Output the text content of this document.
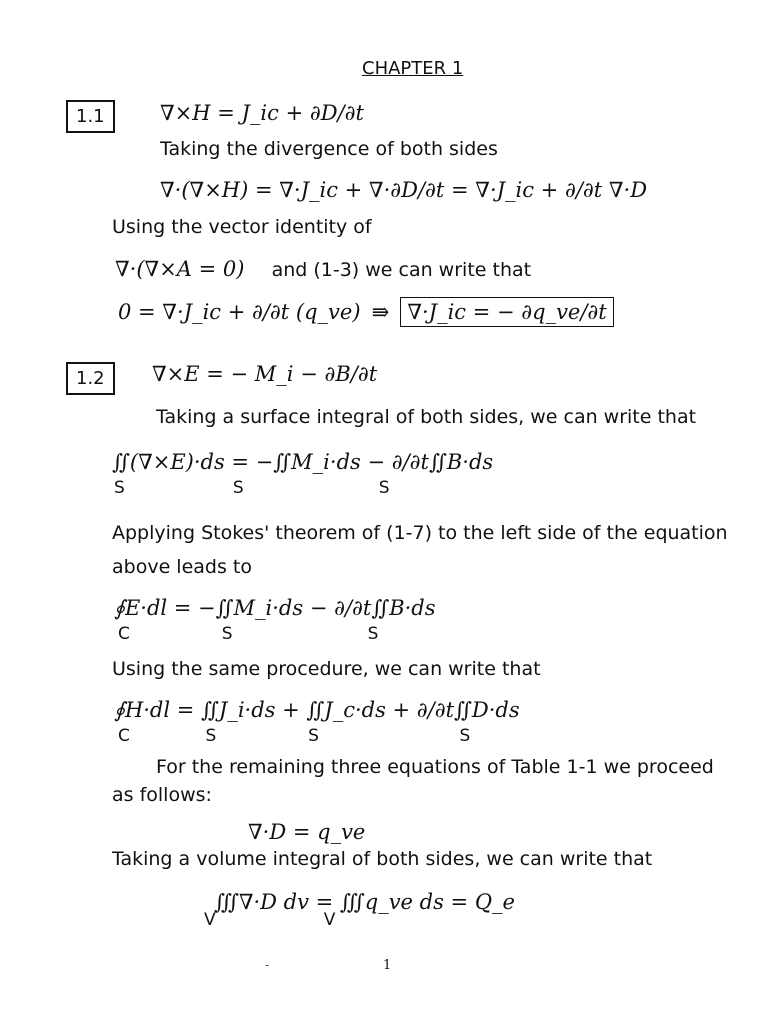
CHAPTER 1
1.1	∇×H = J_ic + ∂D/∂t
Taking the divergence of both sides
∇·(∇×H) = ∇·J_ic + ∇·∂D/∂t = ∇·J_ic + ∂/∂t ∇·D
Using the vector identity of
∇·(∇×A = 0) and (1-3) we can write that
0 = ∇·J_ic + ∂/∂t (q_ve) ⇛ ∇·J_ic = − ∂q_ve/∂t
1.2	∇×E = − M_i − ∂B/∂t
Taking a surface integral of both sides, we can write that
∬(∇×E)·ds = −∬M_i·ds − ∂/∂t∬B·ds
S                    S                         S
Applying Stokes' theorem of (1-7) to the left side of the equation
above leads to
∮E·dl = −∬M_i·ds − ∂/∂t∬B·ds
C                 S                         S
Using the same procedure, we can write that
∮H·dl = ∬J_i·ds + ∬J_c·ds + ∂/∂t∬D·ds
C              S                 S                          S
For the remaining three equations of Table 1-1 we proceed
as follows:
∇·D = q_ve
Taking a volume integral of both sides, we can write that
∭∇·D dv = ∭q_ve ds = Q_e
V                    V
-	1
